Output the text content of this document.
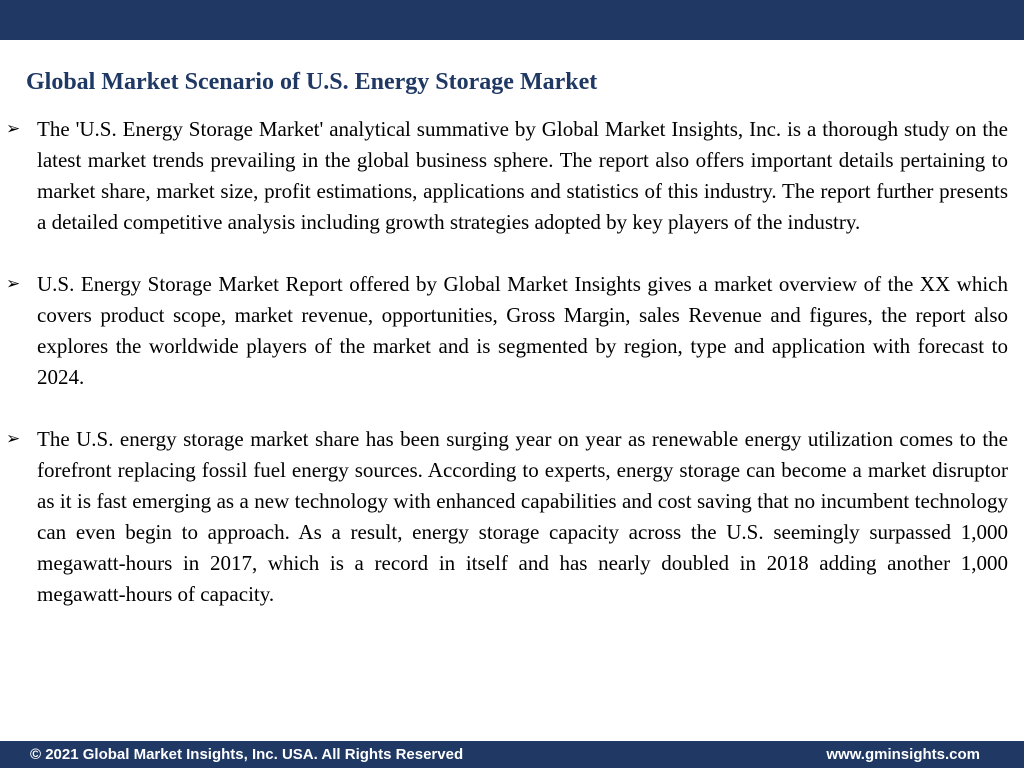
Global Market Scenario of U.S. Energy Storage Market
➢ The 'U.S. Energy Storage Market' analytical summative by Global Market Insights, Inc. is a thorough study on the latest market trends prevailing in the global business sphere. The report also offers important details pertaining to market share, market size, profit estimations, applications and statistics of this industry. The report further presents a detailed competitive analysis including growth strategies adopted by key players of the industry.
➢ U.S. Energy Storage Market Report offered by Global Market Insights gives a market overview of the XX which covers product scope, market revenue, opportunities, Gross Margin, sales Revenue and figures, the report also explores the worldwide players of the market and is segmented by region, type and application with forecast to 2024.
➢ The U.S. energy storage market share has been surging year on year as renewable energy utilization comes to the forefront replacing fossil fuel energy sources. According to experts, energy storage can become a market disruptor as it is fast emerging as a new technology with enhanced capabilities and cost saving that no incumbent technology can even begin to approach. As a result, energy storage capacity across the U.S. seemingly surpassed 1,000 megawatt-hours in 2017, which is a record in itself and has nearly doubled in 2018 adding another 1,000 megawatt-hours of capacity.
© 2021 Global Market Insights, Inc. USA. All Rights Reserved	www.gminsights.com
